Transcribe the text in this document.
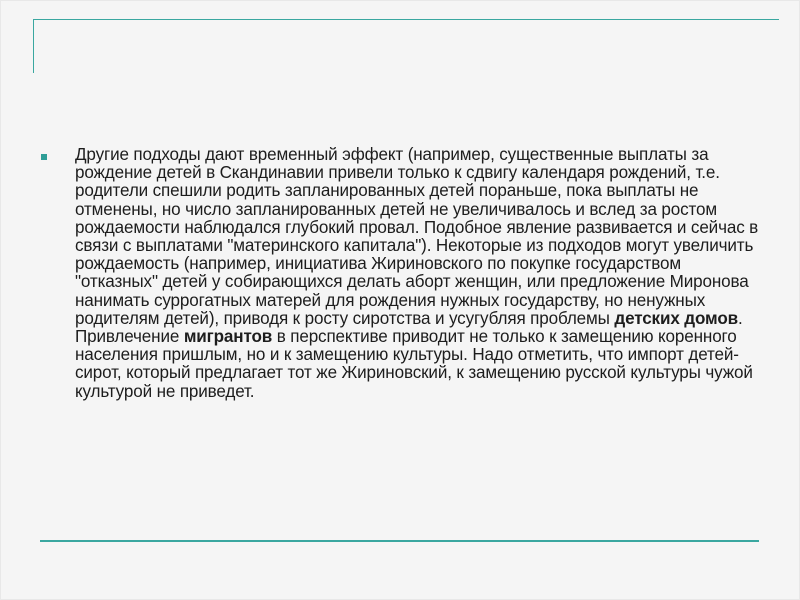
Другие подходы дают временный эффект (например, существенные выплаты за рождение детей в Скандинавии привели только к сдвигу календаря рождений, т.е. родители спешили родить запланированных детей пораньше, пока выплаты не отменены, но число запланированных детей не увеличивалось и вслед за ростом рождаемости наблюдался глубокий провал. Подобное явление развивается и сейчас в связи с выплатами "материнского капитала"). Некоторые из подходов могут увеличить рождаемость (например, инициатива Жириновского по покупке государством "отказных" детей у собирающихся делать аборт женщин, или предложение Миронова нанимать суррогатных матерей для рождения нужных государству, но ненужных родителям детей), приводя к росту сиротства и усугубляя проблемы детских домов. Привлечение мигрантов в перспективе приводит не только к замещению коренного населения пришлым, но и к замещению культуры. Надо отметить, что импорт детей-сирот, который предлагает тот же Жириновский, к замещению русской культуры чужой культурой не приведет.
